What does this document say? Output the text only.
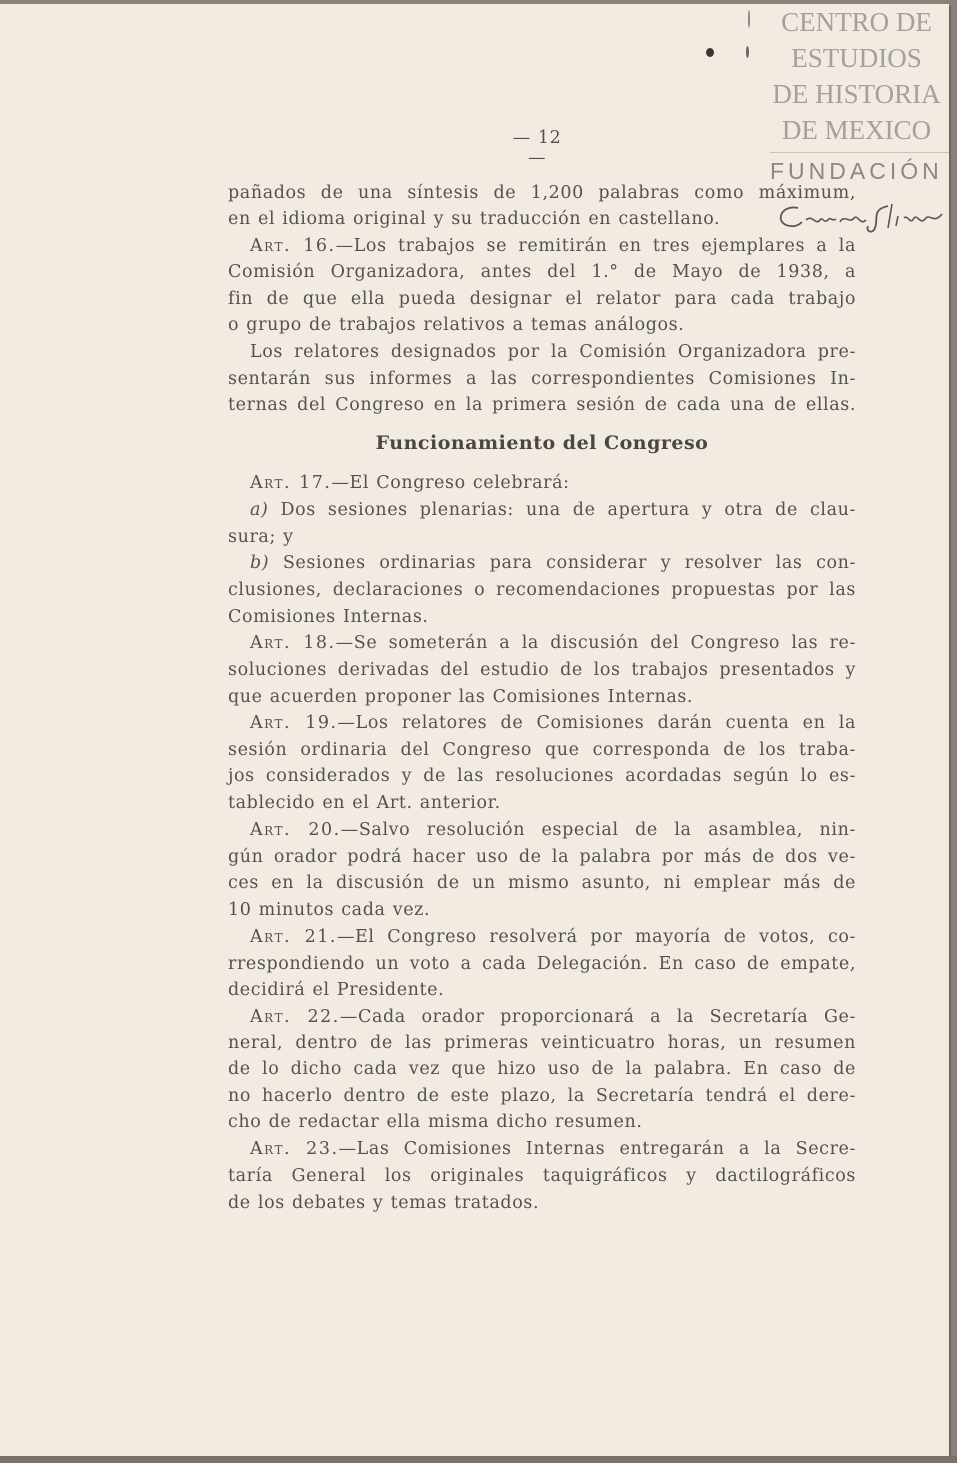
CENTRO DE
ESTUDIOS
DE HISTORIA
DE MEXICO
FUNDACIÓN
— 12 —
pañados de una síntesis de 1,200 palabras como máximum,
en el idioma original y su traducción en castellano.
Art. 16.—Los trabajos se remitirán en tres ejemplares a la
Comisión Organizadora, antes del 1.° de Mayo de 1938, a
fin de que ella pueda designar el relator para cada trabajo
o grupo de trabajos relativos a temas análogos.
Los relatores designados por la Comisión Organizadora pre-
sentarán sus informes a las correspondientes Comisiones In-
ternas del Congreso en la primera sesión de cada una de ellas.
Funcionamiento del Congreso
Art. 17.—El Congreso celebrará:
a) Dos sesiones plenarias: una de apertura y otra de clau-
sura; y
b) Sesiones ordinarias para considerar y resolver las con-
clusiones, declaraciones o recomendaciones propuestas por las
Comisiones Internas.
Art. 18.—Se someterán a la discusión del Congreso las re-
soluciones derivadas del estudio de los trabajos presentados y
que acuerden proponer las Comisiones Internas.
Art. 19.—Los relatores de Comisiones darán cuenta en la
sesión ordinaria del Congreso que corresponda de los traba-
jos considerados y de las resoluciones acordadas según lo es-
tablecido en el Art. anterior.
Art. 20.—Salvo resolución especial de la asamblea, nin-
gún orador podrá hacer uso de la palabra por más de dos ve-
ces en la discusión de un mismo asunto, ni emplear más de
10 minutos cada vez.
Art. 21.—El Congreso resolverá por mayoría de votos, co-
rrespondiendo un voto a cada Delegación. En caso de empate,
decidirá el Presidente.
Art. 22.—Cada orador proporcionará a la Secretaría Ge-
neral, dentro de las primeras veinticuatro horas, un resumen
de lo dicho cada vez que hizo uso de la palabra. En caso de
no hacerlo dentro de este plazo, la Secretaría tendrá el dere-
cho de redactar ella misma dicho resumen.
Art. 23.—Las Comisiones Internas entregarán a la Secre-
taría General los originales taquigráficos y dactilográficos
de los debates y temas tratados.
